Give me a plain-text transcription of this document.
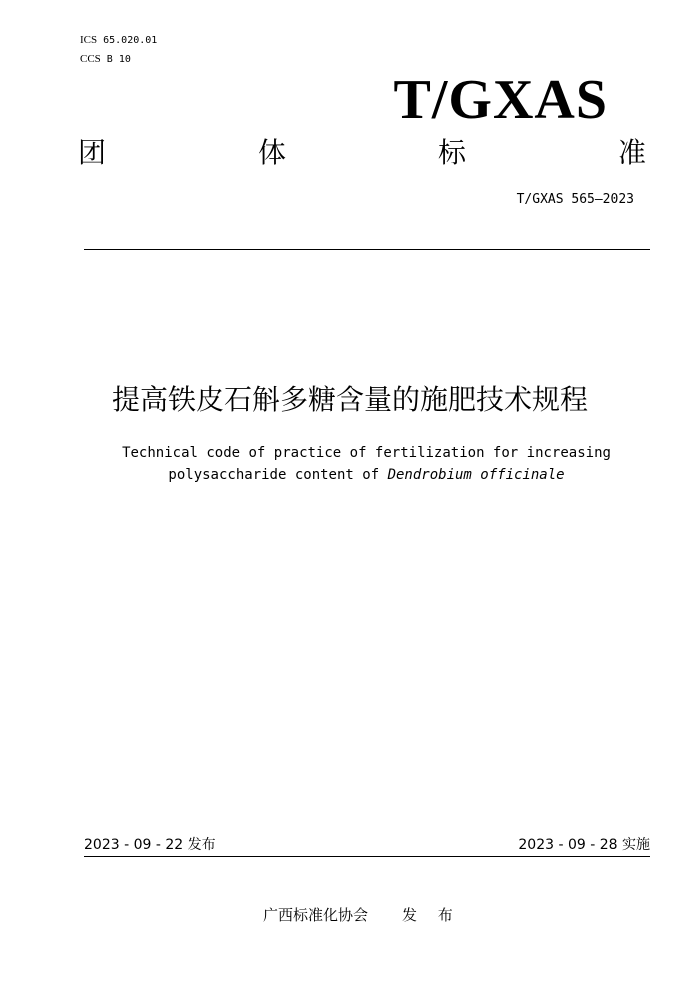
ICS 65.020.01
CCS B 10
T/GXAS
团	体	标	准
T/GXAS 565—2023
提高铁皮石斛多糖含量的施肥技术规程
Technical code of practice of fertilization for increasing
polysaccharide content of Dendrobium officinale
2023 - 09 - 22 发布	2023 - 09 - 28 实施
广西标准化协会 发 布
